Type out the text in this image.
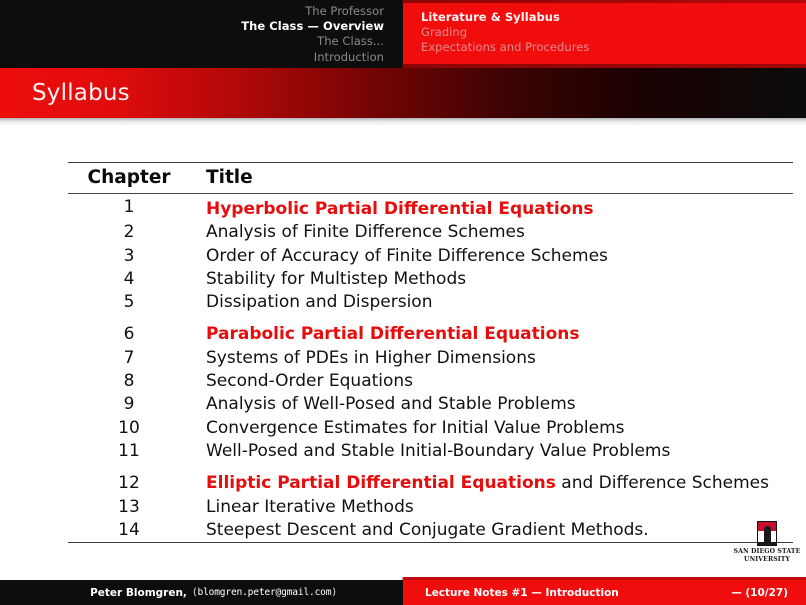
The Professor
The Class — Overview
The Class...
Introduction
Literature & Syllabus
Grading
Expectations and Procedures
Syllabus

Chapter	Title

1	Hyperbolic Partial Differential Equations
2	Analysis of Finite Difference Schemes
3	Order of Accuracy of Finite Difference Schemes
4	Stability for Multistep Methods
5	Dissipation and Dispersion

6	Parabolic Partial Differential Equations
7	Systems of PDEs in Higher Dimensions
8	Second-Order Equations
9	Analysis of Well-Posed and Stable Problems
10	Convergence Estimates for Initial Value Problems
11	Well-Posed and Stable Initial-Boundary Value Problems

12	Elliptic Partial Differential Equations and Difference Schemes
13	Linear Iterative Methods
14	Steepest Descent and Conjugate Gradient Methods.

SAN DIEGO STATE
UNIVERSITY
Peter Blomgren, ⟨blomgren.peter@gmail.com⟩	Lecture Notes #1 — Introduction	— (10/27)
